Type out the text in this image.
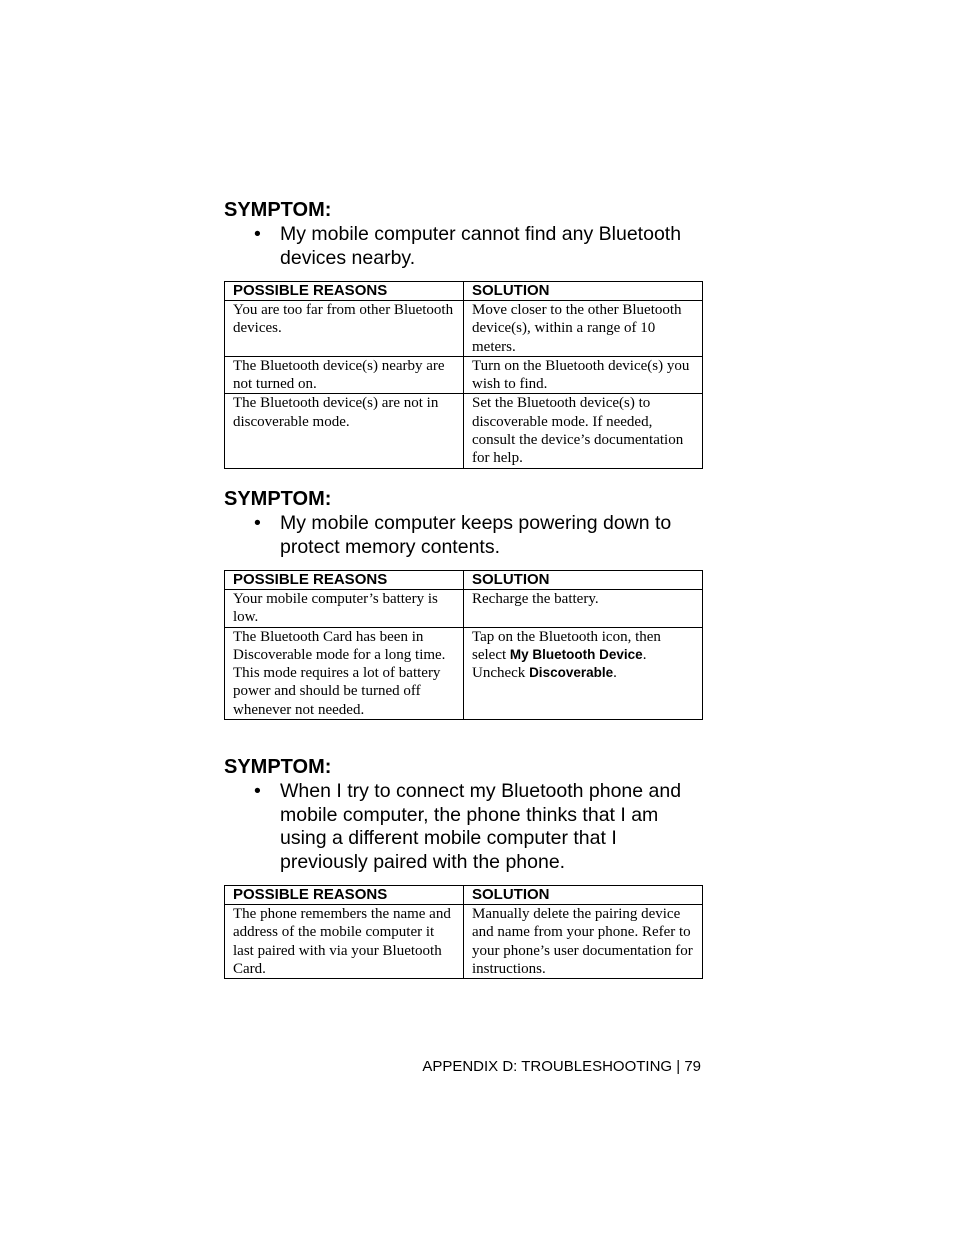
SYMPTOM:

• My mobile computer cannot find any Bluetooth devices nearby.

POSSIBLE REASONS	SOLUTION
You are too far from other Bluetooth devices.	Move closer to the other Bluetooth device(s), within a range of 10 meters.
The Bluetooth device(s) nearby are not turned on.	Turn on the Bluetooth device(s) you wish to find.
The Bluetooth device(s) are not in discoverable mode.	Set the Bluetooth device(s) to discoverable mode. If needed, consult the device’s documentation for help.
SYMPTOM:

• My mobile computer keeps powering down to protect memory contents.

POSSIBLE REASONS	SOLUTION
Your mobile computer’s battery is low.	Recharge the battery.
The Bluetooth Card has been in Discoverable mode for a long time. This mode requires a lot of battery power and should be turned off whenever not needed.	Tap on the Bluetooth icon, then select My Bluetooth Device. Uncheck Discoverable.
SYMPTOM:

• When I try to connect my Bluetooth phone and mobile computer, the phone thinks that I am using a different mobile computer that I previously paired with the phone.

POSSIBLE REASONS	SOLUTION
The phone remembers the name and address of the mobile computer it last paired with via your Bluetooth Card.	Manually delete the pairing device and name from your phone. Refer to your phone’s user documentation for instructions.
APPENDIX D: TROUBLESHOOTING | 79
